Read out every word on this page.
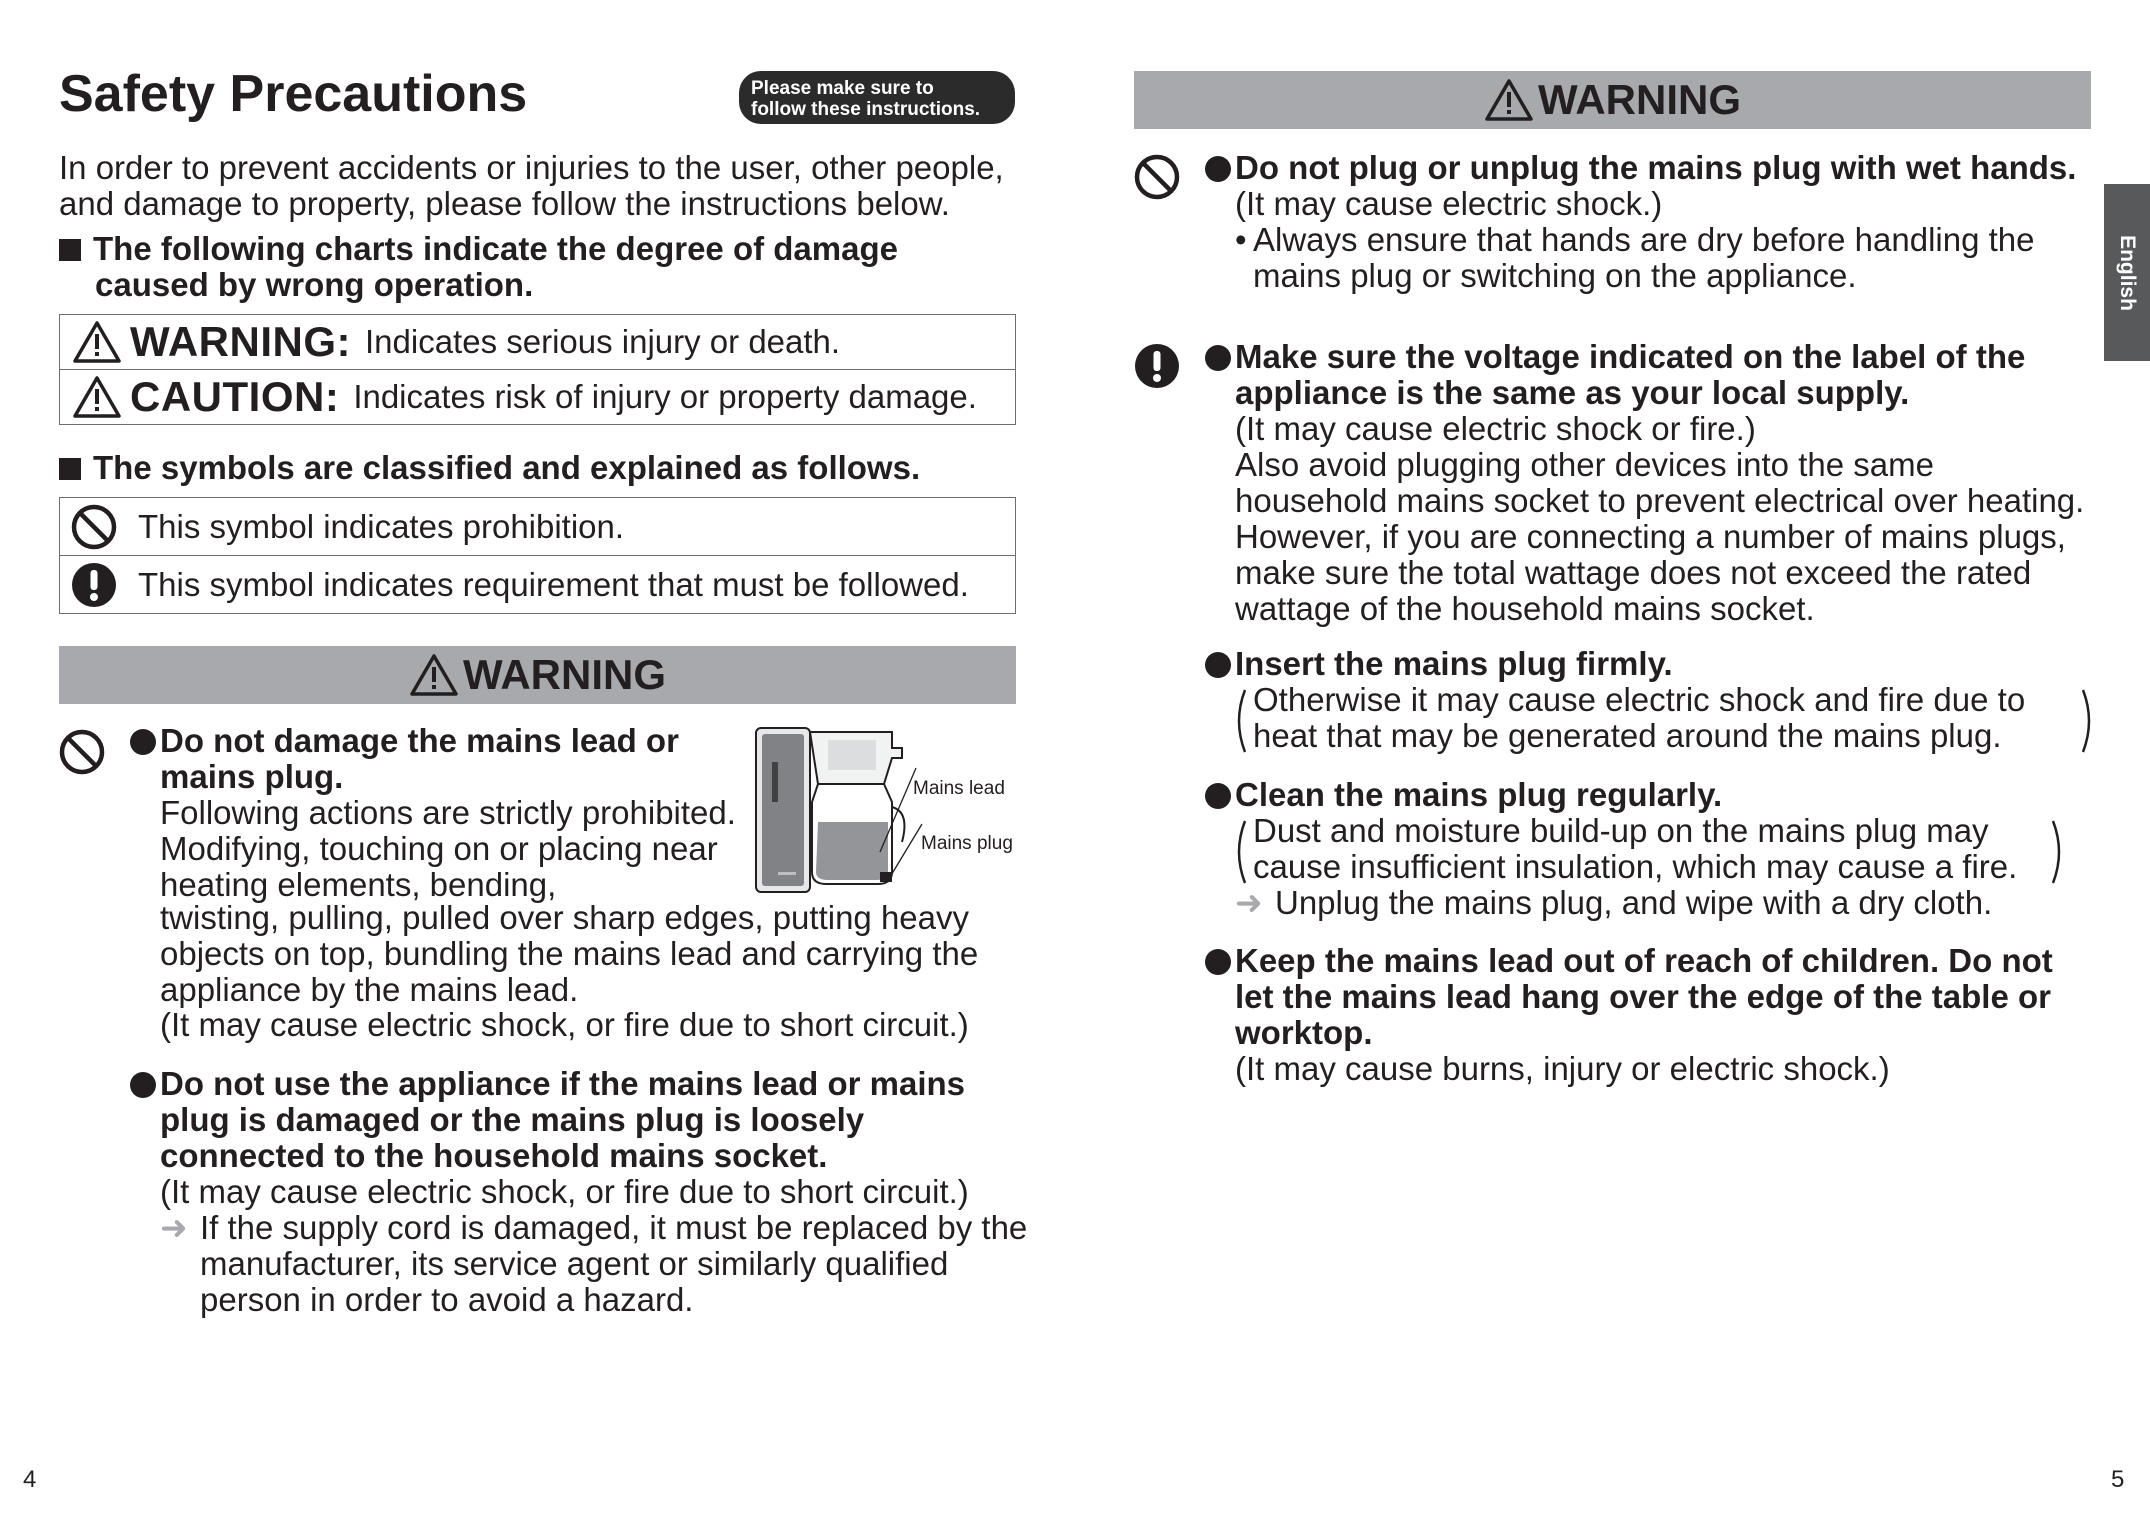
Safety Precautions	Please make sure to
follow these instructions.
In order to prevent accidents or injuries to the user, other people, and damage to property, please follow the instructions below.
The following charts indicate the degree of damage caused by wrong operation.
WARNING: Indicates serious injury or death.

CAUTION: Indicates risk of injury or property damage.
The symbols are classified and explained as follows.
This symbol indicates prohibition.

This symbol indicates requirement that must be followed.
WARNING
Do not damage the mains lead or mains plug.
Following actions are strictly prohibited.
Modifying, touching on or placing near
heating elements, bending,
twisting, pulling, pulled over sharp edges, putting heavy objects on top, bundling the mains lead and carrying the appliance by the mains lead.
(It may cause electric shock, or fire due to short circuit.)
Mains lead
Mains plug
Do not use the appliance if the mains lead or mains plug is damaged or the mains plug is loosely connected to the household mains socket.
(It may cause electric shock, or fire due to short circuit.)
➜ If the supply cord is damaged, it must be replaced by the manufacturer, its service agent or similarly qualified person in order to avoid a hazard.
4
WARNING
Do not plug or unplug the mains plug with wet hands.
(It may cause electric shock.)
• Always ensure that hands are dry before handling the mains plug or switching on the appliance.
Make sure the voltage indicated on the label of the appliance is the same as your local supply.
(It may cause electric shock or fire.)
Also avoid plugging other devices into the same household mains socket to prevent electrical over heating. However, if you are connecting a number of mains plugs, make sure the total wattage does not exceed the rated wattage of the household mains socket.
Insert the mains plug firmly.
Otherwise it may cause electric shock and fire due to heat that may be generated around the mains plug.
Clean the mains plug regularly.
Dust and moisture build-up on the mains plug may cause insufficient insulation, which may cause a fire.
➜ Unplug the mains plug, and wipe with a dry cloth.
Keep the mains lead out of reach of children. Do not let the mains lead hang over the edge of the table or worktop.
(It may cause burns, injury or electric shock.)
English
5
